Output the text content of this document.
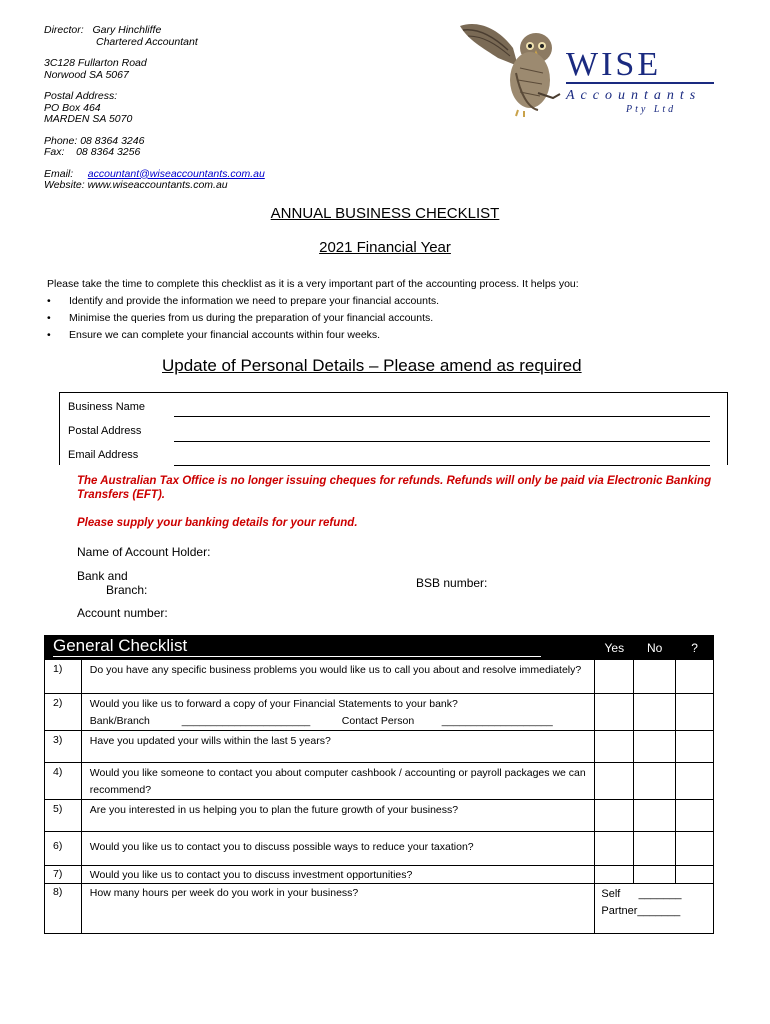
Director: Gary Hinchliffe
Chartered Accountant
3C128 Fullarton Road
Norwood SA 5067
Postal Address:
PO Box 464
MARDEN SA 5070
Phone: 08 8364 3246
Fax: 08 8364 3256
Email: accountant@wiseaccountants.com.au
Website: www.wiseaccountants.com.au
WISE
Accountants
Pty Ltd
ANNUAL BUSINESS CHECKLIST
2021 Financial Year
Please take the time to complete this checklist as it is a very important part of the accounting process. It helps you:
• Identify and provide the information we need to prepare your financial accounts.
• Minimise the queries from us during the preparation of your financial accounts.
• Ensure we can complete your financial accounts within four weeks.
Update of Personal Details – Please amend as required
Business Name
Postal Address
Email Address
The Australian Tax Office is no longer issuing cheques for refunds. Refunds will only be paid via Electronic Banking Transfers (EFT).
Please supply your banking details for your refund.
Name of Account Holder:
Bank and
Branch:	BSB number:
Account number:
General Checklist		Yes	No	?
1)	Do you have any specific business problems you would like us to call you about and resolve immediately?			
2)	Would you like us to forward a copy of your Financial Statements to your bank?
Bank/Branch ______________________ Contact Person ___________________			

3)	Have you updated your wills within the last 5 years?			
4)	Would you like someone to contact you about computer cashbook / accounting or payroll packages we can recommend?			
5)	Are you interested in us helping you to plan the future growth of your business?			
6)	Would you like us to contact you to discuss possible ways to reduce your taxation?			
7)	Would you like us to contact you to discuss investment opportunities?			
8)	How many hours per week do you work in your business?	Self      _______
Partner_______		
